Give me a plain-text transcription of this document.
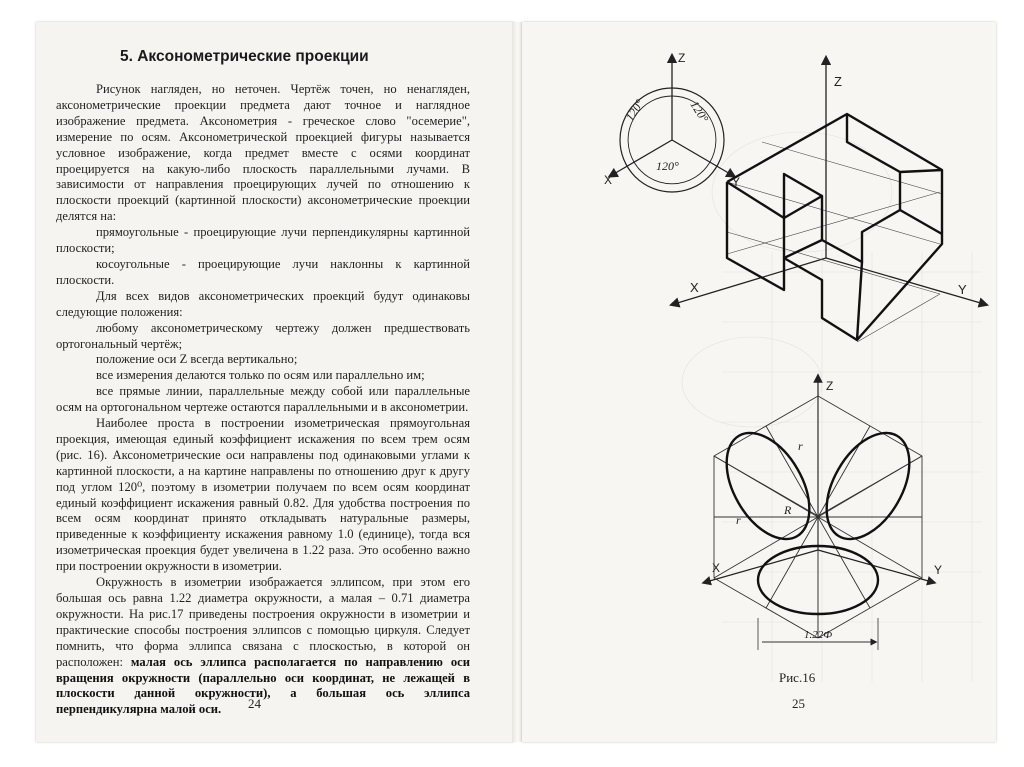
5. Аксонометрические проекции

Рисунок нагляден, но неточен. Чертёж точен, но ненагляден, аксонометрические проекции предмета дают точное и наглядное изображение предмета. Аксонометрия - греческое слово "осемерие", измерение по осям. Аксонометрической проекцией фигуры называется условное изображение, когда предмет вместе с осями координат проецируется на какую-либо плоскость параллельными лучами. В зависимости от направления проецирующих лучей по отношению к плоскости проекций (картинной плоскости) аксонометрические проекции делятся на:

прямоугольные - проецирующие лучи перпендикулярны картинной плоскости;

косоугольные - проецирующие лучи наклонны к картинной плоскости.

Для всех видов аксонометрических проекций будут одинаковы следующие положения:

любому аксонометрическому чертежу должен предшествовать ортогональный чертёж;

положение оси Z всегда вертикально;

все измерения делаются только по осям или параллельно им;

все прямые линии, параллельные между собой или параллельные осям на ортогональном чертеже остаются параллельными и в аксонометрии.

Наиболее проста в построении изометрическая прямоугольная проекция, имеющая единый коэффициент искажения по всем трем осям (рис. 16). Аксонометрические оси направлены под одинаковыми углами к картинной плоскости, а на картине направлены по отношению друг к другу под углом 120⁰, поэтому в изометрии получаем по всем осям координат единый коэффициент искажения равный 0.82. Для удобства построения по всем осям координат принято откладывать натуральные размеры, приведенные к коэффициенту искажения равному 1.0 (единице), тогда вся изометрическая проекция будет увеличена в 1.22 раза. Это особенно важно при построении окружности в изометрии.

Окружность в изометрии изображается эллипсом, при этом его большая ось равна 1.22 диаметра окружности, а малая – 0.71 диаметра окружности. На рис.17 приведены построения окружности в изометрии и практические способы построения эллипсов с помощью циркуля. Следует помнить, что форма эллипса связана с плоскостью, в которой он расположен: малая ось эллипса располагается по направлению оси вращения окружности (параллельно оси координат, не лежащей в плоскости данной окружности), а большая ось эллипса перпендикулярна малой оси.	24
Z
X	Y
120°	120°
120°
Z
X	Y
Z
X	Y
r
R
r
1.22Ф
Рис.16
25
